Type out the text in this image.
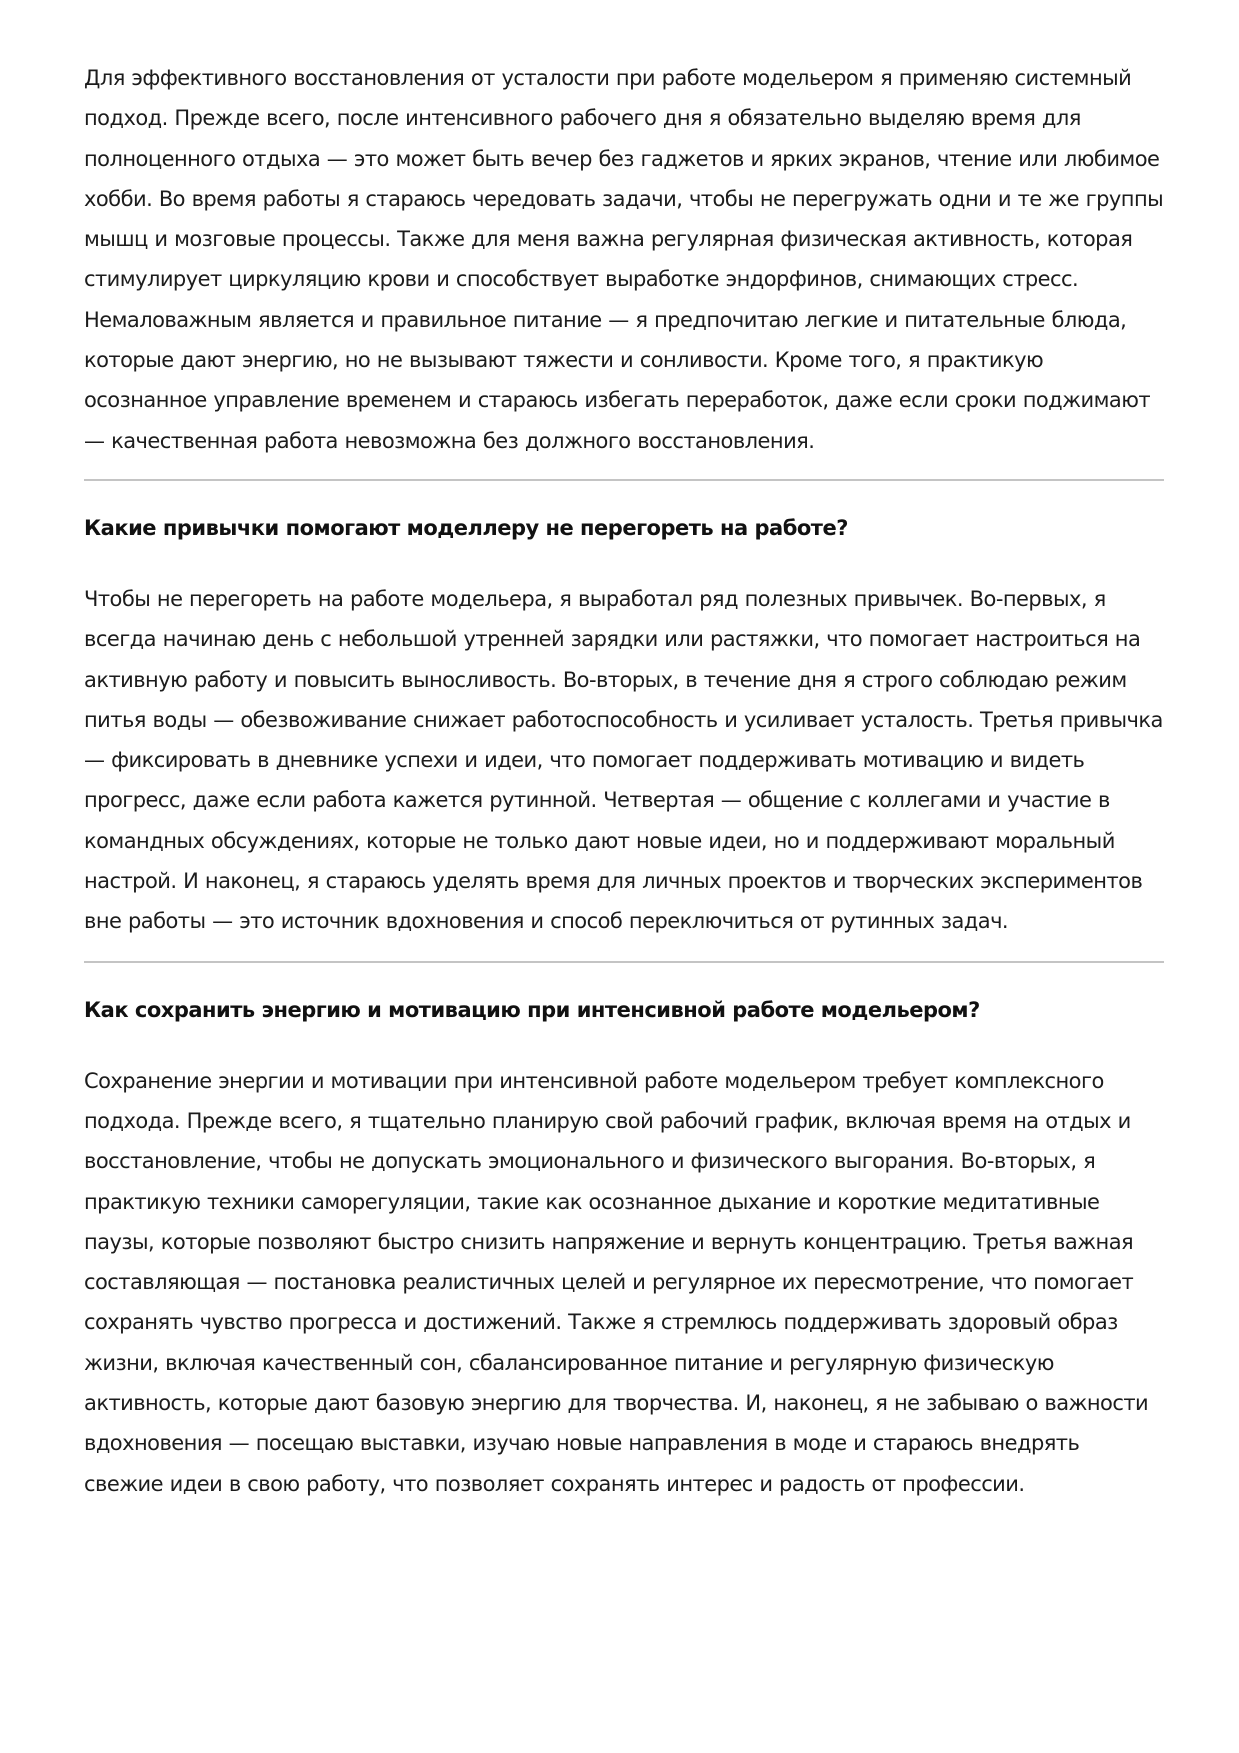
Для эффективного восстановления от усталости при работе модельером я применяю системный подход. Прежде всего, после интенсивного рабочего дня я обязательно выделяю время для полноценного отдыха — это может быть вечер без гаджетов и ярких экранов, чтение или любимое хобби. Во время работы я стараюсь чередовать задачи, чтобы не перегружать одни и те же группы мышц и мозговые процессы. Также для меня важна регулярная физическая активность, которая стимулирует циркуляцию крови и способствует выработке эндорфинов, снимающих стресс. Немаловажным является и правильное питание — я предпочитаю легкие и питательные блюда, которые дают энергию, но не вызывают тяжести и сонливости. Кроме того, я практикую осознанное управление временем и стараюсь избегать переработок, даже если сроки поджимают — качественная работа невозможна без должного восстановления.

Какие привычки помогают моделлеру не перегореть на работе?

Чтобы не перегореть на работе модельера, я выработал ряд полезных привычек. Во-первых, я всегда начинаю день с небольшой утренней зарядки или растяжки, что помогает настроиться на активную работу и повысить выносливость. Во-вторых, в течение дня я строго соблюдаю режим питья воды — обезвоживание снижает работоспособность и усиливает усталость. Третья привычка — фиксировать в дневнике успехи и идеи, что помогает поддерживать мотивацию и видеть прогресс, даже если работа кажется рутинной. Четвертая — общение с коллегами и участие в командных обсуждениях, которые не только дают новые идеи, но и поддерживают моральный настрой. И наконец, я стараюсь уделять время для личных проектов и творческих экспериментов вне работы — это источник вдохновения и способ переключиться от рутинных задач.

Как сохранить энергию и мотивацию при интенсивной работе модельером?

Сохранение энергии и мотивации при интенсивной работе модельером требует комплексного подхода. Прежде всего, я тщательно планирую свой рабочий график, включая время на отдых и восстановление, чтобы не допускать эмоционального и физического выгорания. Во-вторых, я практикую техники саморегуляции, такие как осознанное дыхание и короткие медитативные паузы, которые позволяют быстро снизить напряжение и вернуть концентрацию. Третья важная составляющая — постановка реалистичных целей и регулярное их пересмотрение, что помогает сохранять чувство прогресса и достижений. Также я стремлюсь поддерживать здоровый образ жизни, включая качественный сон, сбалансированное питание и регулярную физическую активность, которые дают базовую энергию для творчества. И, наконец, я не забываю о важности вдохновения — посещаю выставки, изучаю новые направления в моде и стараюсь внедрять свежие идеи в свою работу, что позволяет сохранять интерес и радость от профессии.
